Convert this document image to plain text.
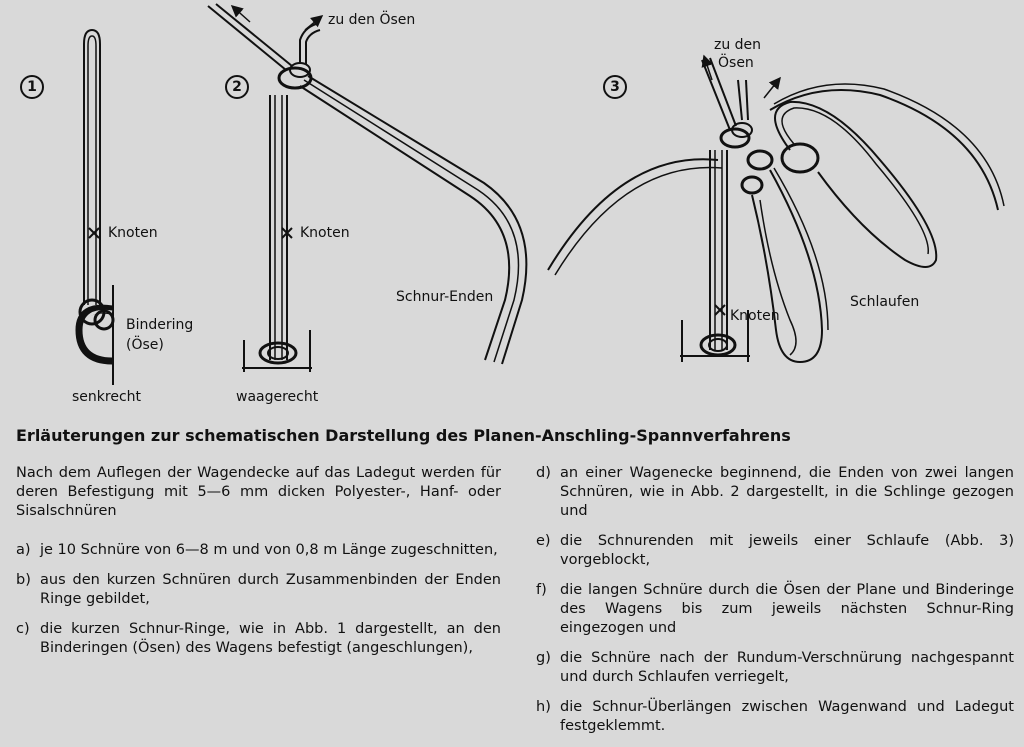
1	2	3
Knoten
Bindering
(Öse)
senkrecht
zu den Ösen
Knoten
waagerecht
Schnur-Enden
zu den
Ösen
Knoten
Schlaufen
Erläuterungen zur schematischen Darstellung des Planen-Anschling-Spannverfahrens

Nach dem Auflegen der Wagendecke auf das Ladegut werden für deren Befestigung mit 5—6 mm dicken Polyester-, Hanf- oder Sisalschnüren

a) je 10 Schnüre von 6—8 m und von 0,8 m Länge zugeschnitten,
b) aus den kurzen Schnüren durch Zusammenbinden der Enden Ringe gebildet,
c) die kurzen Schnur-Ringe, wie in Abb. 1 dargestellt, an den Binderingen (Ösen) des Wagens befestigt (angeschlungen),
d) an einer Wagenecke beginnend, die Enden von zwei langen Schnüren, wie in Abb. 2 dargestellt, in die Schlinge gezogen und
e) die Schnurenden mit jeweils einer Schlaufe (Abb. 3) vorgeblockt,
f) die langen Schnüre durch die Ösen der Plane und Binderinge des Wagens bis zum jeweils nächsten Schnur-Ring eingezogen und
g) die Schnüre nach der Rundum-Verschnürung nachgespannt und durch Schlaufen verriegelt,
h) die Schnur-Überlängen zwischen Wagenwand und Ladegut festgeklemmt.
